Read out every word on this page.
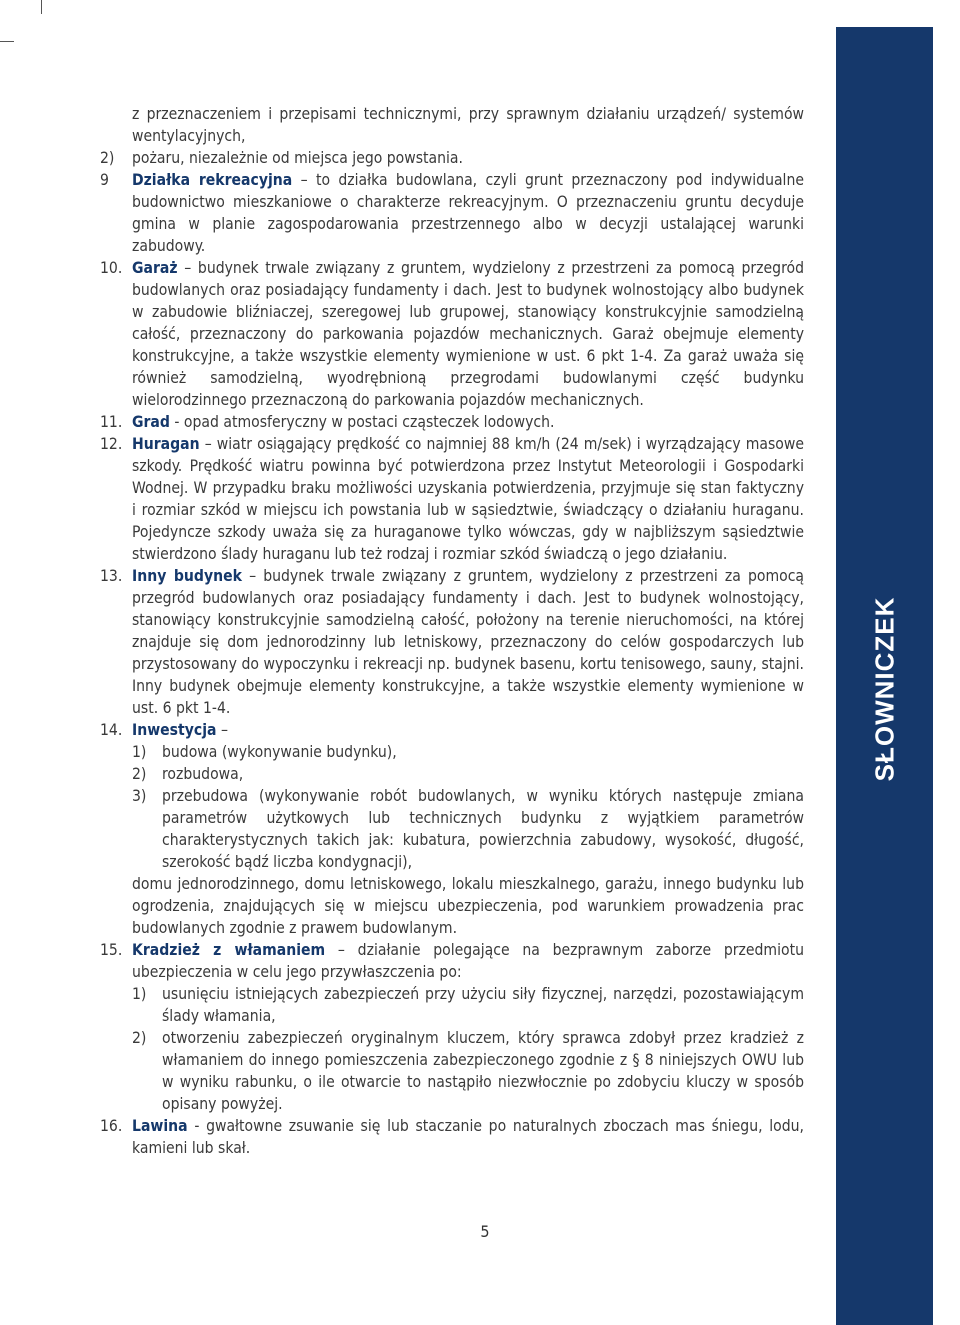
SŁOWNICZEK
z przeznaczeniem i przepisami technicznymi, przy sprawnym działaniu urządzeń/ systemów wentylacyjnych,
2)	pożaru, niezależnie od miejsca jego powstania.
9	Działka rekreacyjna – to działka budowlana, czyli grunt przeznaczony pod indywidualne budownictwo mieszkaniowe o charakterze rekreacyjnym. O przeznaczeniu gruntu decyduje gmina w planie zagospodarowania przestrzennego albo w decyzji ustalającej warunki zabudowy.
10. Garaż – budynek trwale związany z gruntem, wydzielony z przestrzeni za pomocą przegród budowlanych oraz posiadający fundamenty i dach. Jest to budynek wolnostojący albo budynek w zabudowie bliźniaczej, szeregowej lub grupowej, stanowiący konstrukcyjnie samodzielną całość, przeznaczony do parkowania pojazdów mechanicznych. Garaż obejmuje elementy konstrukcyjne, a także wszystkie elementy wymienione w ust. 6 pkt 1-4. Za garaż uważa się również samodzielną, wyodrębnioną przegrodami budowlanymi część budynku wielorodzinnego przeznaczoną do parkowania pojazdów mechanicznych.
11. Grad - opad atmosferyczny w postaci cząsteczek lodowych.
12. Huragan – wiatr osiągający prędkość co najmniej 88 km/h (24 m/sek) i wyrządzający masowe szkody. Prędkość wiatru powinna być potwierdzona przez Instytut Meteorologii i Gospodarki Wodnej. W przypadku braku możliwości uzyskania potwierdzenia, przyjmuje się stan faktyczny i rozmiar szkód w miejscu ich powstania lub w sąsiedztwie, świadczący o działaniu huraganu. Pojedyncze szkody uważa się za huraganowe tylko wówczas, gdy w najbliższym sąsiedztwie stwierdzono ślady huraganu lub też rodzaj i rozmiar szkód świadczą o jego działaniu.
13. Inny budynek – budynek trwale związany z gruntem, wydzielony z przestrzeni za pomocą przegród budowlanych oraz posiadający fundamenty i dach. Jest to budynek wolnostojący, stanowiący konstrukcyjnie samodzielną całość, położony na terenie nieruchomości, na której znajduje się dom jednorodzinny lub letniskowy, przeznaczony do celów gospodarczych lub przystosowany do wypoczynku i rekreacji np. budynek basenu, kortu tenisowego, sauny, stajni. Inny budynek obejmuje elementy konstrukcyjne, a także wszystkie elementy wymienione w ust. 6 pkt 1-4.
14. Inwestycja –
1) budowa (wykonywanie budynku),
2) rozbudowa,
3) przebudowa (wykonywanie robót budowlanych, w wyniku których następuje zmiana parametrów użytkowych lub technicznych budynku z wyjątkiem parametrów charakterystycznych takich jak: kubatura, powierzchnia zabudowy, wysokość, długość, szerokość bądź liczba kondygnacji),
domu jednorodzinnego, domu letniskowego, lokalu mieszkalnego, garażu, innego budynku lub ogrodzenia, znajdujących się w miejscu ubezpieczenia, pod warunkiem prowadzenia prac budowlanych zgodnie z prawem budowlanym.
15. Kradzież z włamaniem – działanie polegające na bezprawnym zaborze przedmiotu ubezpieczenia w celu jego przywłaszczenia po:
1) usunięciu istniejących zabezpieczeń przy użyciu siły fizycznej, narzędzi, pozostawiającym ślady włamania,
2) otworzeniu zabezpieczeń oryginalnym kluczem, który sprawca zdobył przez kradzież z włamaniem do innego pomieszczenia zabezpieczonego zgodnie z § 8 niniejszych OWU lub w wyniku rabunku, o ile otwarcie to nastąpiło niezwłocznie po zdobyciu kluczy w sposób opisany powyżej.
16. Lawina - gwałtowne zsuwanie się lub staczanie po naturalnych zboczach mas śniegu, lodu, kamieni lub skał.
5
